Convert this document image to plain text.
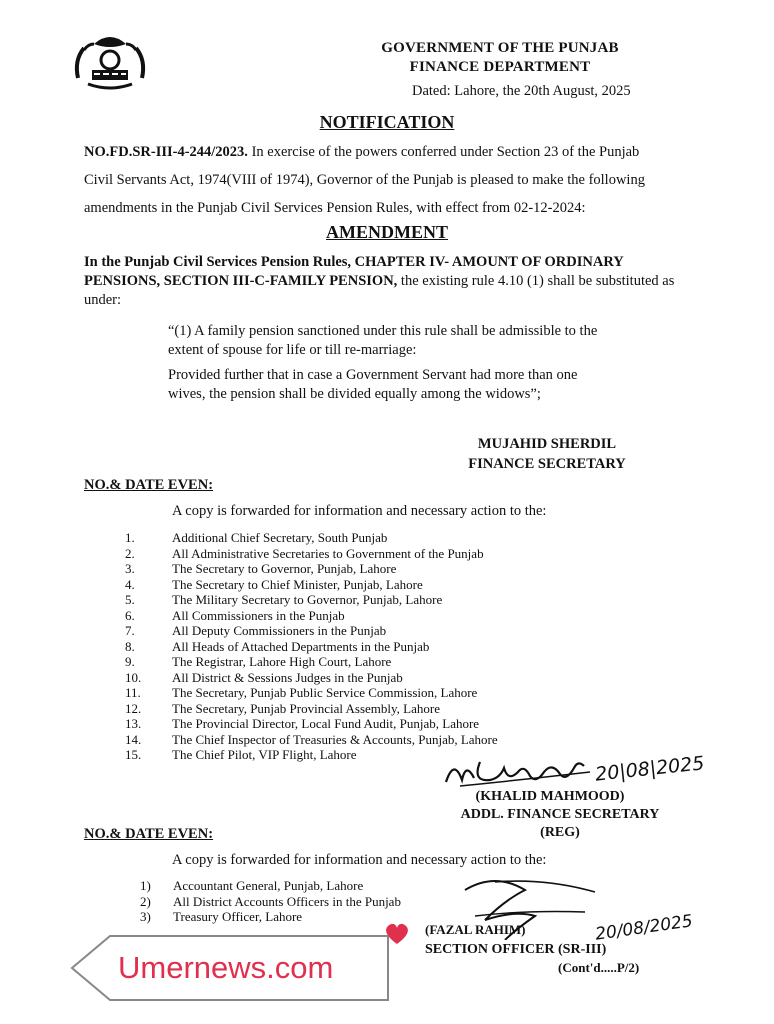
GOVERNMENT OF THE PUNJAB
FINANCE DEPARTMENT
Dated: Lahore, the 20th August, 2025
NOTIFICATION
NO.FD.SR-III-4-244/2023. In exercise of the powers conferred under Section 23 of the Punjab
Civil Servants Act, 1974(VIII of 1974), Governor of the Punjab is pleased to make the following
amendments in the Punjab Civil Services Pension Rules, with effect from 02-12-2024:
AMENDMENT
In the Punjab Civil Services Pension Rules, CHAPTER IV- AMOUNT OF ORDINARY PENSIONS, SECTION III-C-FAMILY PENSION, the existing rule 4.10 (1) shall be substituted as under:
“(1) A family pension sanctioned under this rule shall be admissible to the extent of spouse for life or till re-marriage:
Provided further that in case a Government Servant had more than one wives, the pension shall be divided equally among the widows”;
MUJAHID SHERDIL
FINANCE SECRETARY
NO.& DATE EVEN:
A copy is forwarded for information and necessary action to the:
1.	Additional Chief Secretary, South Punjab
2.	All Administrative Secretaries to Government of the Punjab
3.	The Secretary to Governor, Punjab, Lahore
4.	The Secretary to Chief Minister, Punjab, Lahore
5.	The Military Secretary to Governor, Punjab, Lahore
6.	All Commissioners in the Punjab
7.	All Deputy Commissioners in the Punjab
8.	All Heads of Attached Departments in the Punjab
9.	The Registrar, Lahore High Court, Lahore
10.	All District & Sessions Judges in the Punjab
11.	The Secretary, Punjab Public Service Commission, Lahore
12.	The Secretary, Punjab Provincial Assembly, Lahore
13.	The Provincial Director, Local Fund Audit, Punjab, Lahore
14.	The Chief Inspector of Treasuries & Accounts, Punjab, Lahore
15.	The Chief Pilot, VIP Flight, Lahore	20|08|2025
(KHALID MAHMOOD)
ADDL. FINANCE SECRETARY (REG)
NO.& DATE EVEN:
A copy is forwarded for information and necessary action to the:
1)	Accountant General, Punjab, Lahore
2)	All District Accounts Officers in the Punjab
3)	Treasury Officer, Lahore
(FAZAL RAHIM)	20/08/2025
SECTION OFFICER (SR-III)
(Cont'd.....P/2)
Umernews.com
